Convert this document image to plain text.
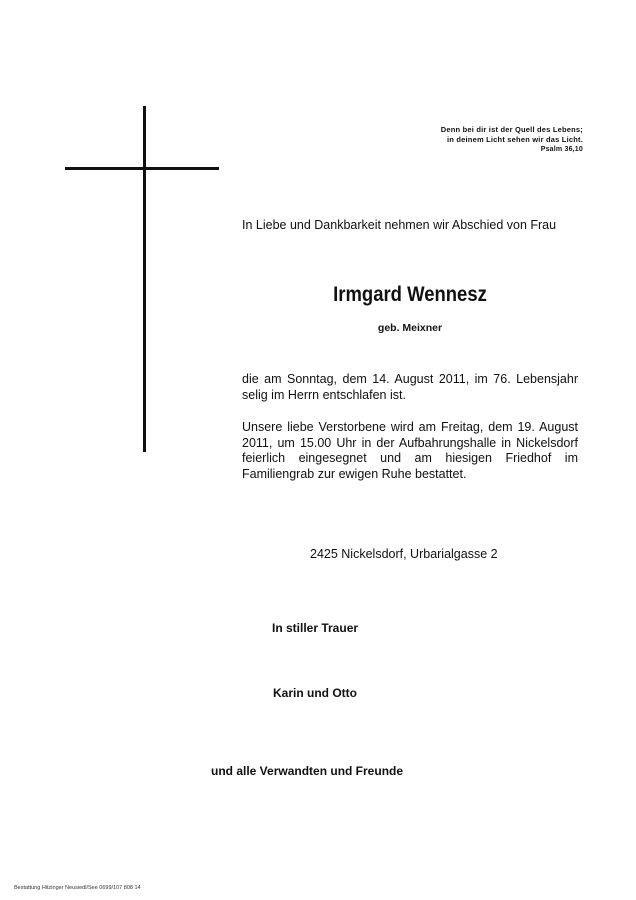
Denn bei dir ist der Quell des Lebens;
in deinem Licht sehen wir das Licht.
Psalm 36,10
In Liebe und Dankbarkeit nehmen wir Abschied von Frau
Irmgard Wennesz
geb. Meixner
die am Sonntag, dem 14. August 2011, im 76. Lebensjahr selig im Herrn entschlafen ist.
Unsere liebe Verstorbene wird am Freitag, dem 19. August 2011, um 15.00 Uhr in der Aufbahrungshalle in Nickelsdorf feierlich eingesegnet und am hiesigen Friedhof im Familiengrab zur ewigen Ruhe bestattet.
2425 Nickelsdorf, Urbarialgasse 2
In stiller Trauer
Karin und Otto
und alle Verwandten und Freunde
Bestattung Hitzinger Neusiedl/See 0699/107 808 14
